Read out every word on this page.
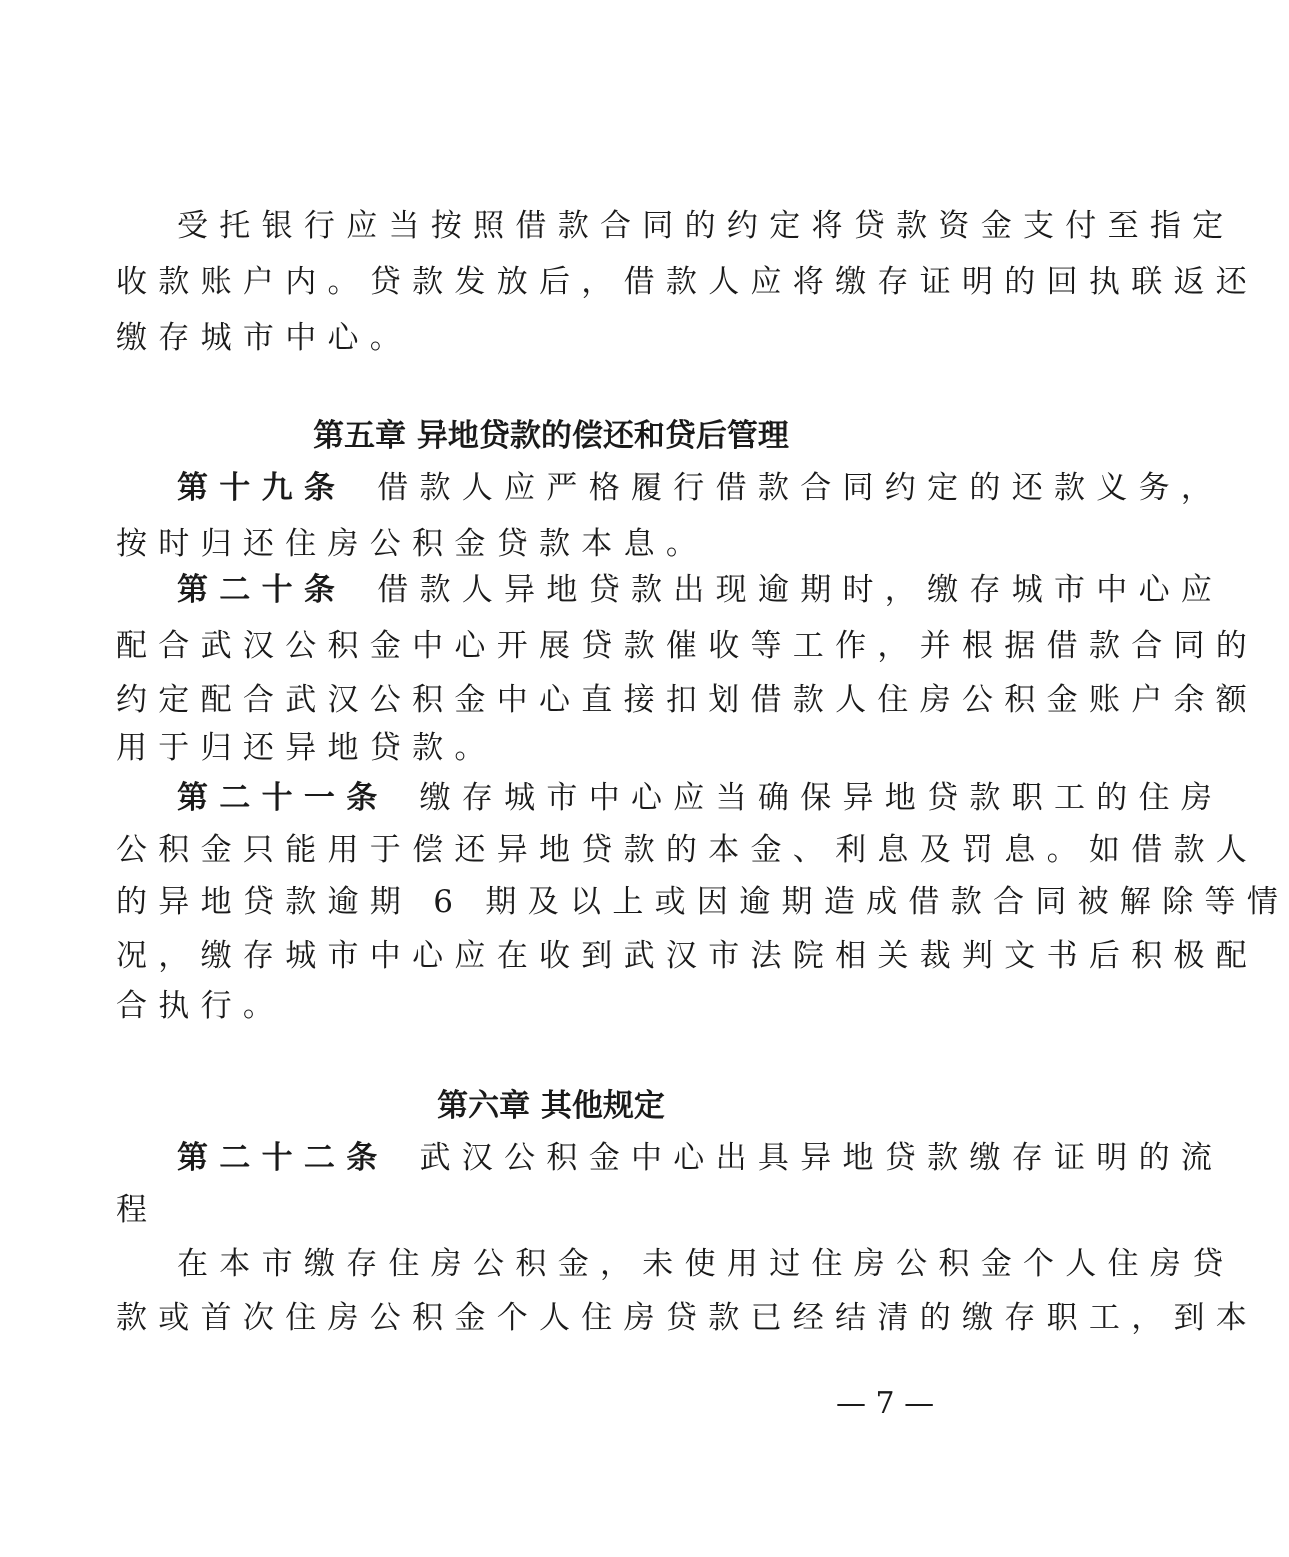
受托银行应当按照借款合同的约定将贷款资金支付至指定
收款账户内。贷款发放后，借款人应将缴存证明的回执联返还
缴存城市中心。
第五章 异地贷款的偿还和贷后管理
第十九条 借款人应严格履行借款合同约定的还款义务，
按时归还住房公积金贷款本息。
第二十条 借款人异地贷款出现逾期时，缴存城市中心应
配合武汉公积金中心开展贷款催收等工作，并根据借款合同的
约定配合武汉公积金中心直接扣划借款人住房公积金账户余额
用于归还异地贷款。
第二十一条 缴存城市中心应当确保异地贷款职工的住房
公积金只能用于偿还异地贷款的本金、利息及罚息。如借款人
的异地贷款逾期 6 期及以上或因逾期造成借款合同被解除等情
况，缴存城市中心应在收到武汉市法院相关裁判文书后积极配
合执行。
第六章 其他规定
第二十二条 武汉公积金中心出具异地贷款缴存证明的流
程
在本市缴存住房公积金，未使用过住房公积金个人住房贷
款或首次住房公积金个人住房贷款已经结清的缴存职工，到本
— 7 —
